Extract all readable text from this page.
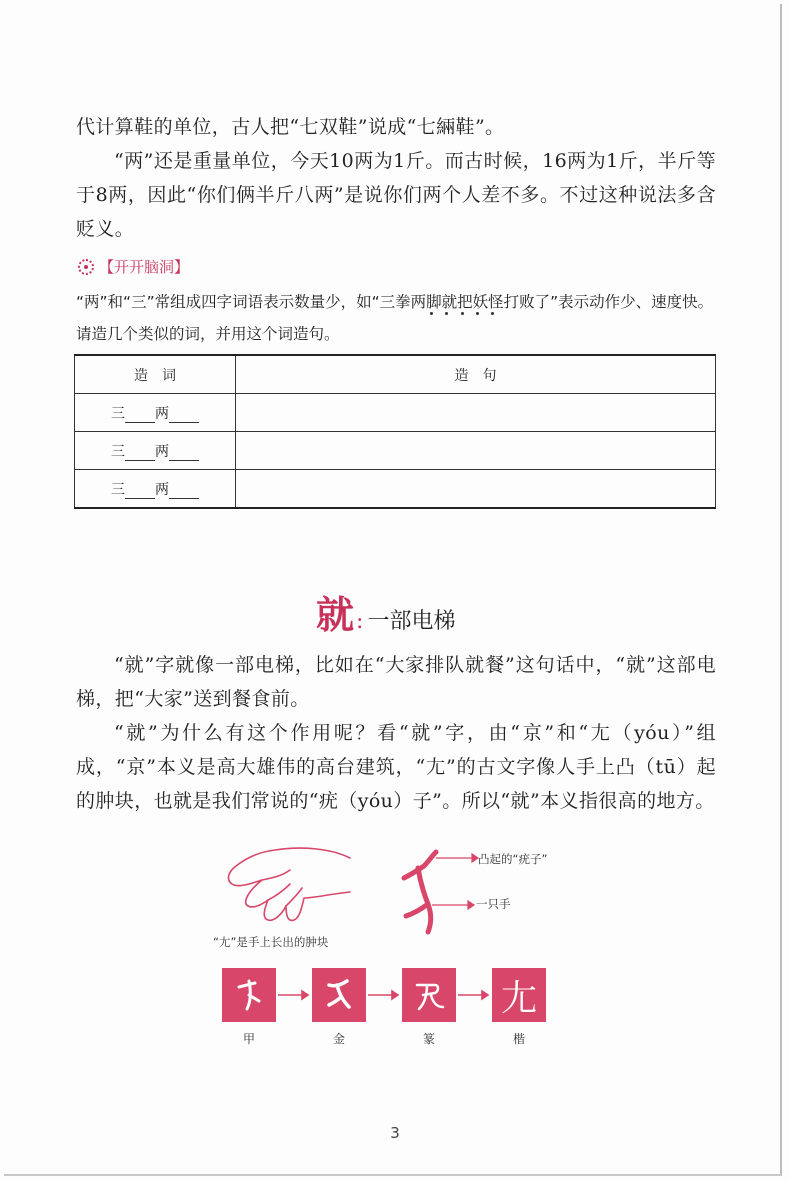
代计算鞋的单位，古人把“七双鞋”说成“七緉鞋”。

“两”还是重量单位，今天10两为1斤。而古时候，16两为1斤，半斤等于8两，因此“你们俩半斤八两”是说你们两个人差不多。不过这种说法多含贬义。

【开开脑洞】

“两”和“三”常组成四字词语表示数量少，如“三拳两脚就把妖怪打败了”表示动作少、速度快。请造几个类似的词，并用这个词造句。

造　词	造　句
三 两	
三 两	
三 两	
就 : 一部电梯

“就”字就像一部电梯，比如在“大家排队就餐”这句话中，“就”这部电梯，把“大家”送到餐食前。

“就”为什么有这个作用呢？看“就”字，由“京”和“尢（yóu）”组成，“京”本义是高大雄伟的高台建筑，“尢”的古文字像人手上凸（tū）起的肿块，也就是我们常说的“疣（yóu）子”。所以“就”本义指很高的地方。

凸起的“疣子”
一只手
“尢”是手上长出的肿块
尢
甲	金	篆	楷
3
